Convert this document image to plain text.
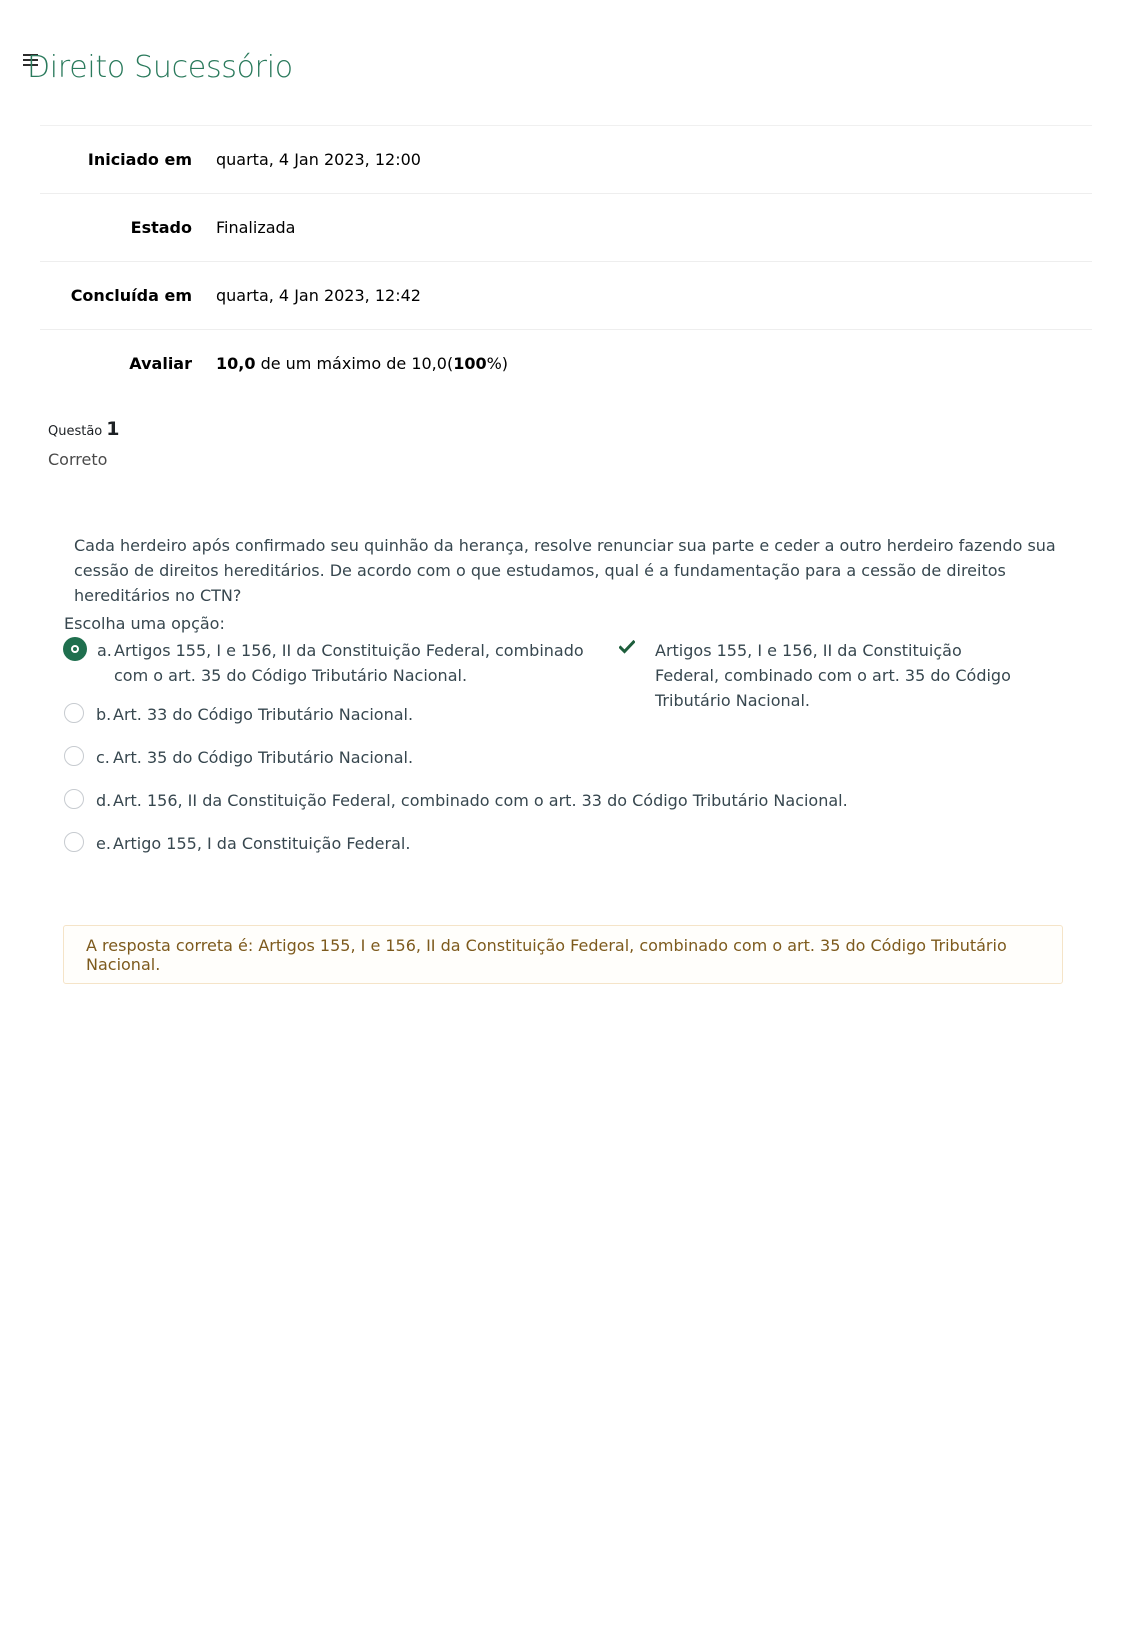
Direito Sucessório
Iniciado em	quarta, 4 Jan 2023, 12:00
Estado	Finalizada
Concluída em	quarta, 4 Jan 2023, 12:42
Avaliar	10,0 de um máximo de 10,0(100%)
Questão 1
Correto
Cada herdeiro após confirmado seu quinhão da herança, resolve renunciar sua parte e ceder a outro herdeiro fazendo sua cessão de direitos hereditários. De acordo com o que estudamos, qual é a fundamentação para a cessão de direitos hereditários no CTN?
Escolha uma opção:
a. Artigos 155, I e 156, II da Constituição Federal, combinado com o art. 35 do Código Tributário Nacional.
Artigos 155, I e 156, II da Constituição Federal, combinado com o art. 35 do Código Tributário Nacional.
b. Art. 33 do Código Tributário Nacional.
c. Art. 35 do Código Tributário Nacional.
d. Art. 156, II da Constituição Federal, combinado com o art. 33 do Código Tributário Nacional.
e. Artigo 155, I da Constituição Federal.
A resposta correta é: Artigos 155, I e 156, II da Constituição Federal, combinado com o art. 35 do Código Tributário Nacional.
